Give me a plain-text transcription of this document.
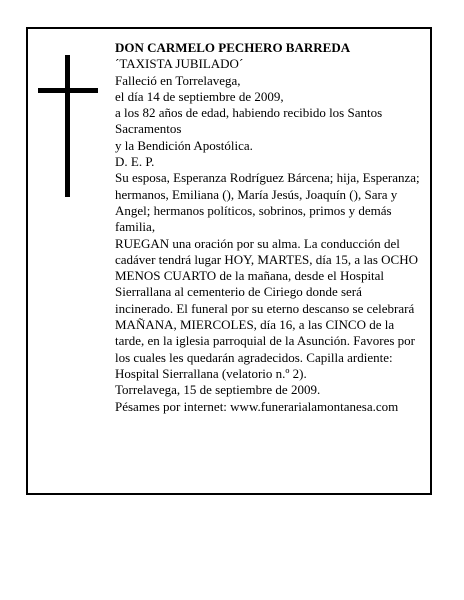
DON CARMELO PECHERO BARREDA

´TAXISTA JUBILADO´

Falleció en Torrelavega,

el día 14 de septiembre de 2009,

a los 82 años de edad, habiendo recibido los Santos Sacramentos

y la Bendición Apostólica.

D. E. P.

Su esposa, Esperanza Rodríguez Bárcena; hija, Esperanza; hermanos, Emiliana (), María Jesús, Joaquín (), Sara y Angel; hermanos políticos, sobrinos, primos y demás familia,

RUEGAN una oración por su alma. La conducción del cadáver tendrá lugar HOY, MARTES, día 15, a las OCHO MENOS CUARTO de la mañana, desde el Hospital Sierrallana al cementerio de Ciriego donde será incinerado. El funeral por su eterno descanso se celebrará MAÑANA, MIERCOLES, día 16, a las CINCO de la tarde, en la iglesia parroquial de la Asunción. Favores por los cuales les quedarán agradecidos. Capilla ardiente: Hospital Sierrallana (velatorio n.º 2).

Torrelavega, 15 de septiembre de 2009.

Pésames por internet: www.funerarialamontanesa.com
